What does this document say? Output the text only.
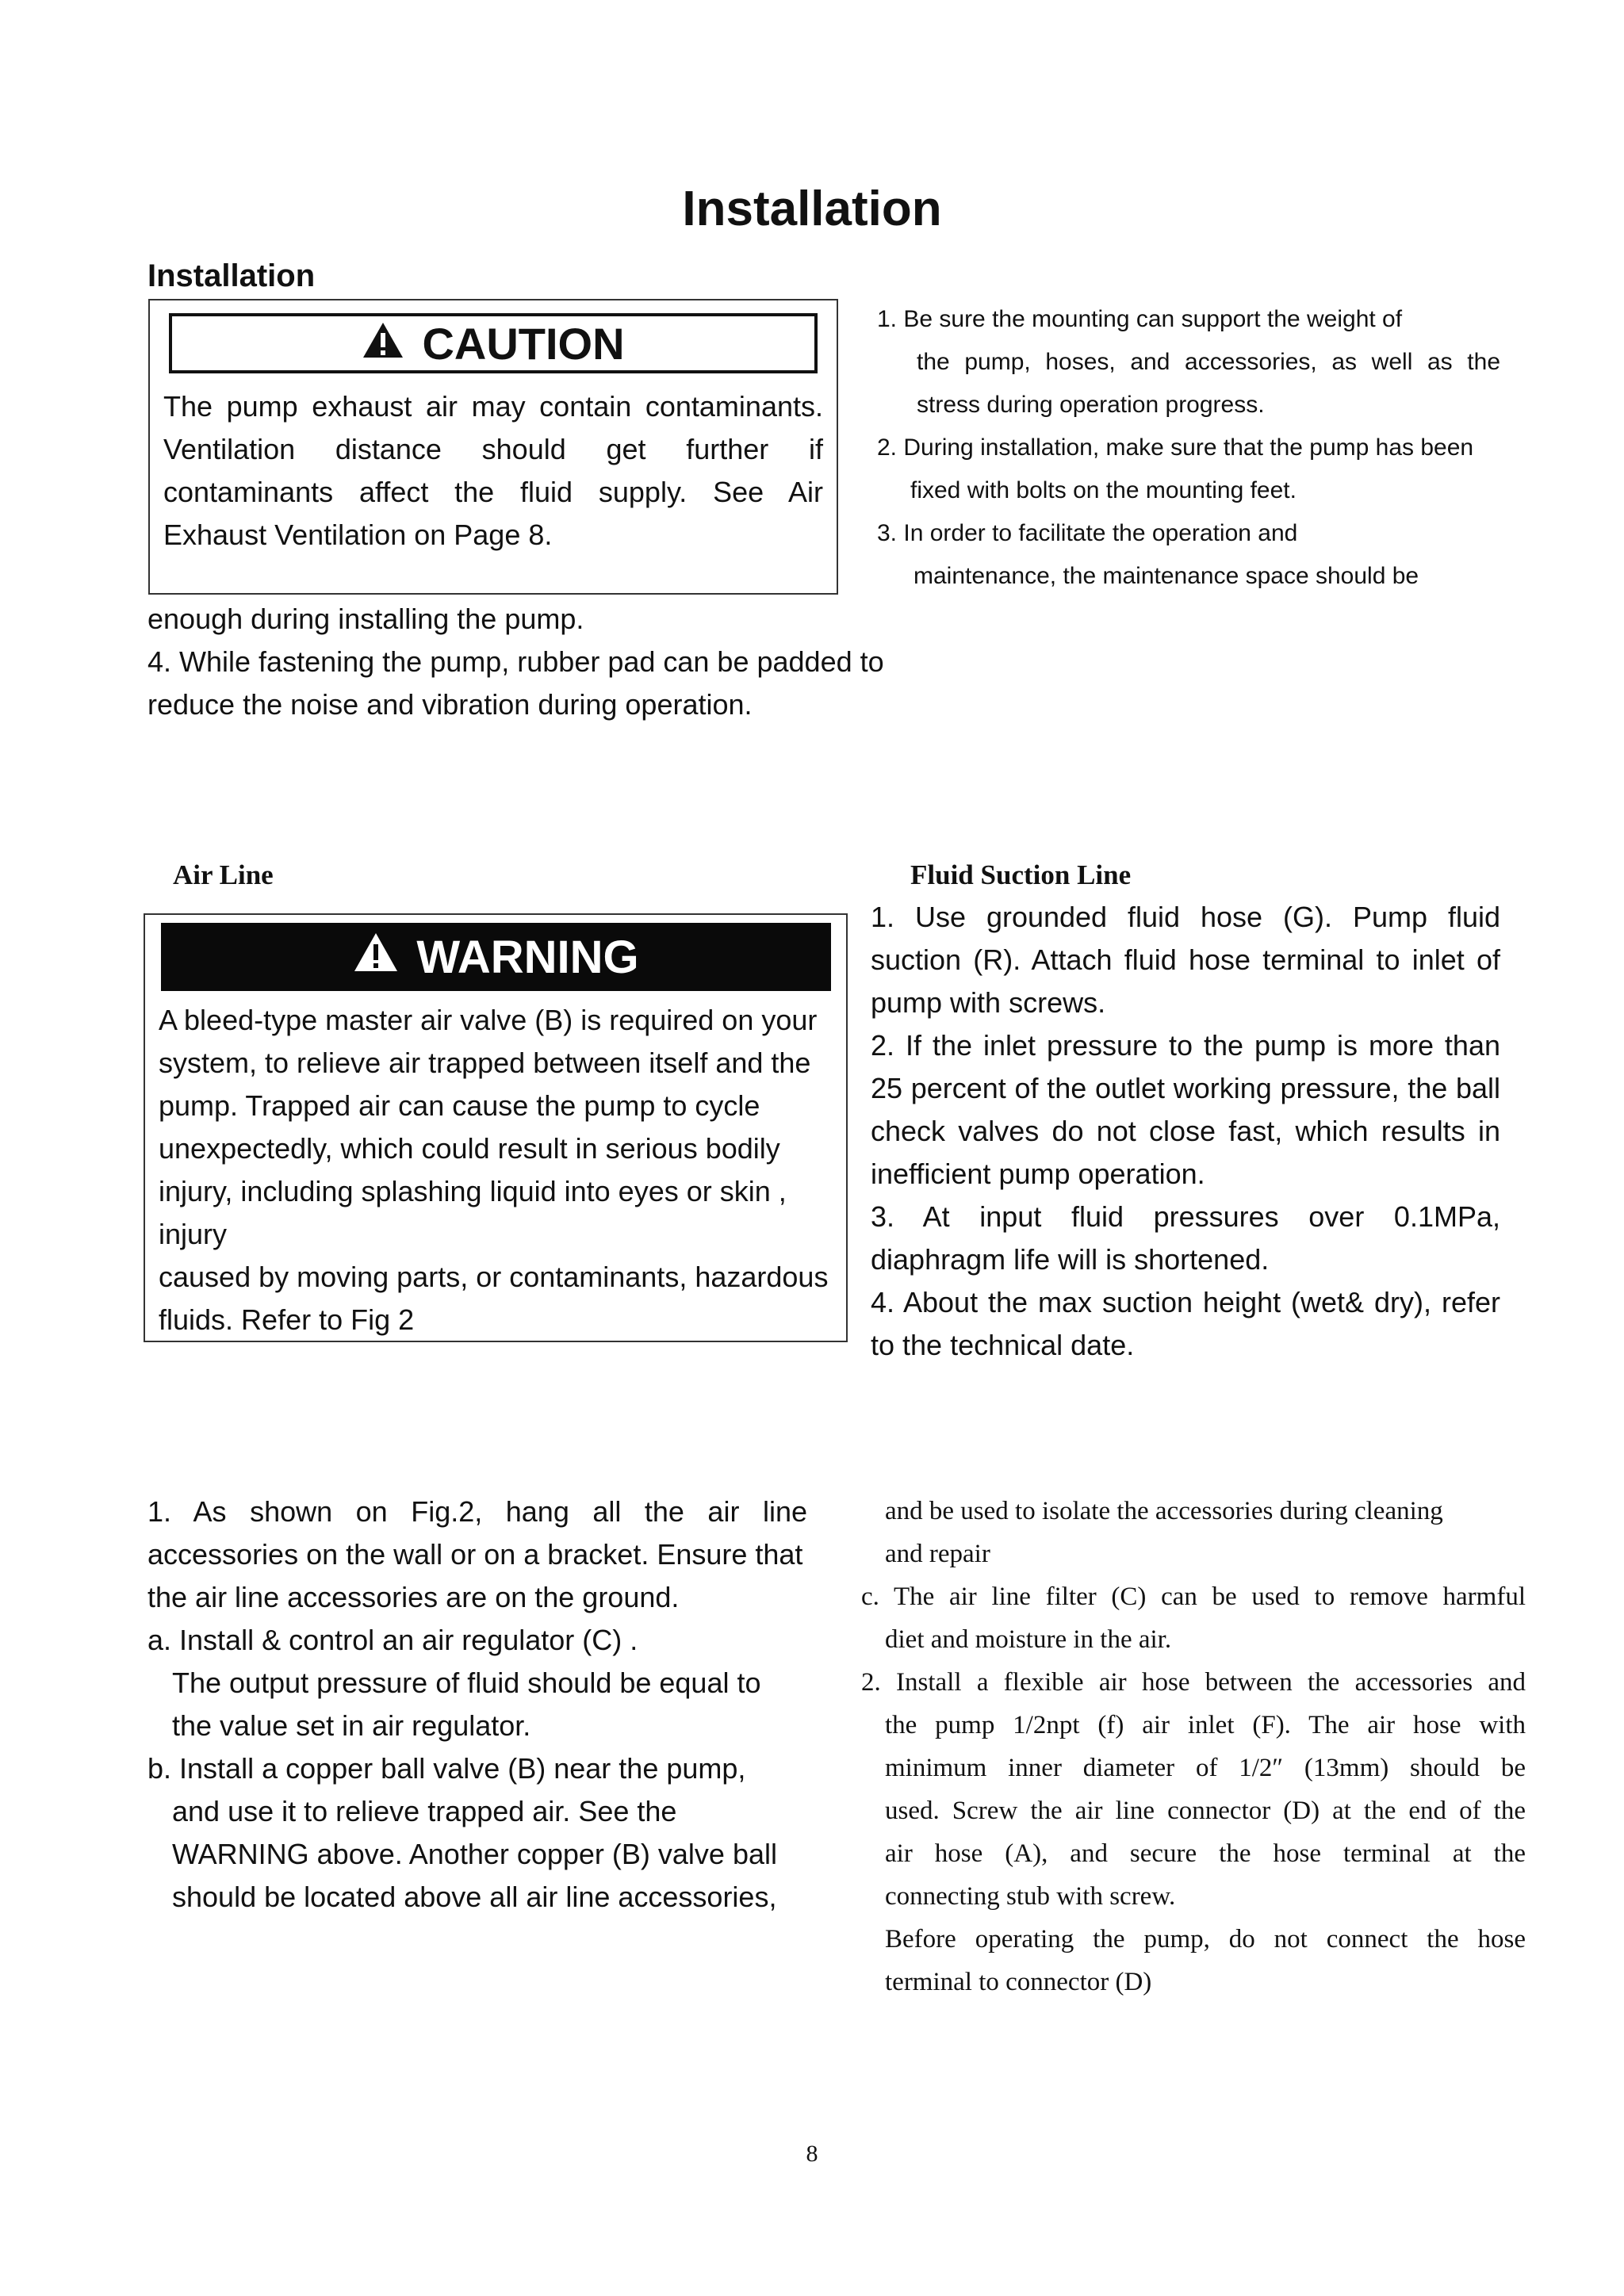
Installation
Installation
CAUTION
The pump exhaust air may contain contaminants.
Ventilation distance should get further if
contaminants affect the fluid supply. See Air
Exhaust Ventilation on Page 8.
1. Be sure the mounting can support the weight of
the pump, hoses, and accessories, as well as the
stress during operation progress.
2. During installation, make sure that the pump has been
fixed with bolts on the mounting feet.
3. In order to facilitate the operation and
maintenance, the maintenance space should be
enough during installing the pump.
4. While fastening the pump, rubber pad can be padded to
reduce the noise and vibration during operation.
Air Line
WARNING
A bleed-type master air valve (B) is required on your
system, to relieve air trapped between itself and the
pump. Trapped air can cause the pump to cycle
unexpectedly, which could result in serious bodily
injury, including splashing liquid into eyes or skin ,
injury
caused by moving parts, or contaminants, hazardous
fluids. Refer to Fig 2
Fluid Suction Line
1. Use grounded fluid hose (G). Pump fluid
suction (R). Attach fluid hose terminal to inlet of
pump with screws.
2. If the inlet pressure to the pump is more than
25 percent of the outlet working pressure, the ball
check valves do not close fast, which results in
inefficient pump operation.
3. At input fluid pressures over 0.1MPa,
diaphragm life will is shortened.
4. About the max suction height (wet& dry), refer
to the technical date.
1. As shown on Fig.2, hang all the air line
accessories on the wall or on a bracket. Ensure that
the air line accessories are on the ground.
a. Install & control an air regulator (C) .
The output pressure of fluid should be equal to
the value set in air regulator.
b. Install a copper ball valve (B) near the pump,
and use it to relieve trapped air. See the
WARNING above. Another copper (B) valve ball
should be located above all air line accessories,
and be used to isolate the accessories during cleaning
and repair
c. The air line filter (C) can be used to remove harmful
diet and moisture in the air.
2. Install a flexible air hose between the accessories and
the pump 1/2npt (f) air inlet (F). The air hose with
minimum inner diameter of 1/2″ (13mm) should be
used. Screw the air line connector (D) at the end of the
air hose (A), and secure the hose terminal at the
connecting stub with screw.
Before operating the pump, do not connect the hose
terminal to connector (D)
8
